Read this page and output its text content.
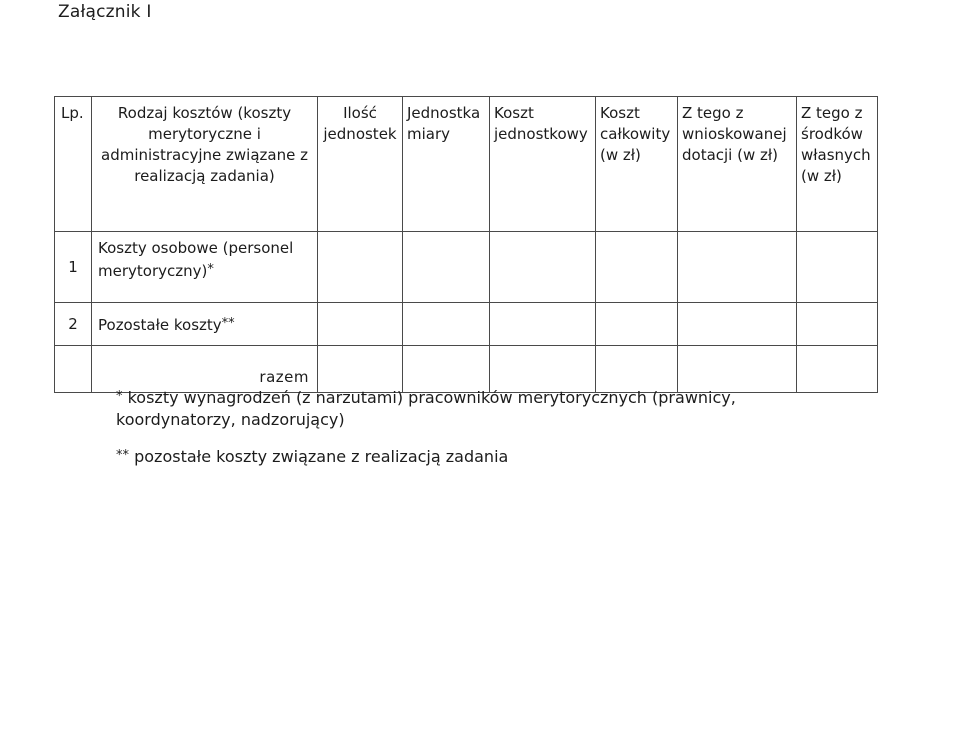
Załącznik I
Lp.	Rodzaj kosztów (koszty merytoryczne i administracyjne związane z realizacją zadania)	Ilość jednostek	Jednostka miary	Koszt jednostkowy	Koszt całkowity (w zł)	Z tego z wnioskowanej dotacji (w zł)	Z tego z środków własnych (w zł)
1	Koszty osobowe (personel merytoryczny)*						
2	Pozostałe koszty**						
	razem						
* koszty wynagrodzeń (z narzutami) pracowników merytorycznych (prawnicy, koordynatorzy, nadzorujący)
** pozostałe koszty związane z realizacją zadania
